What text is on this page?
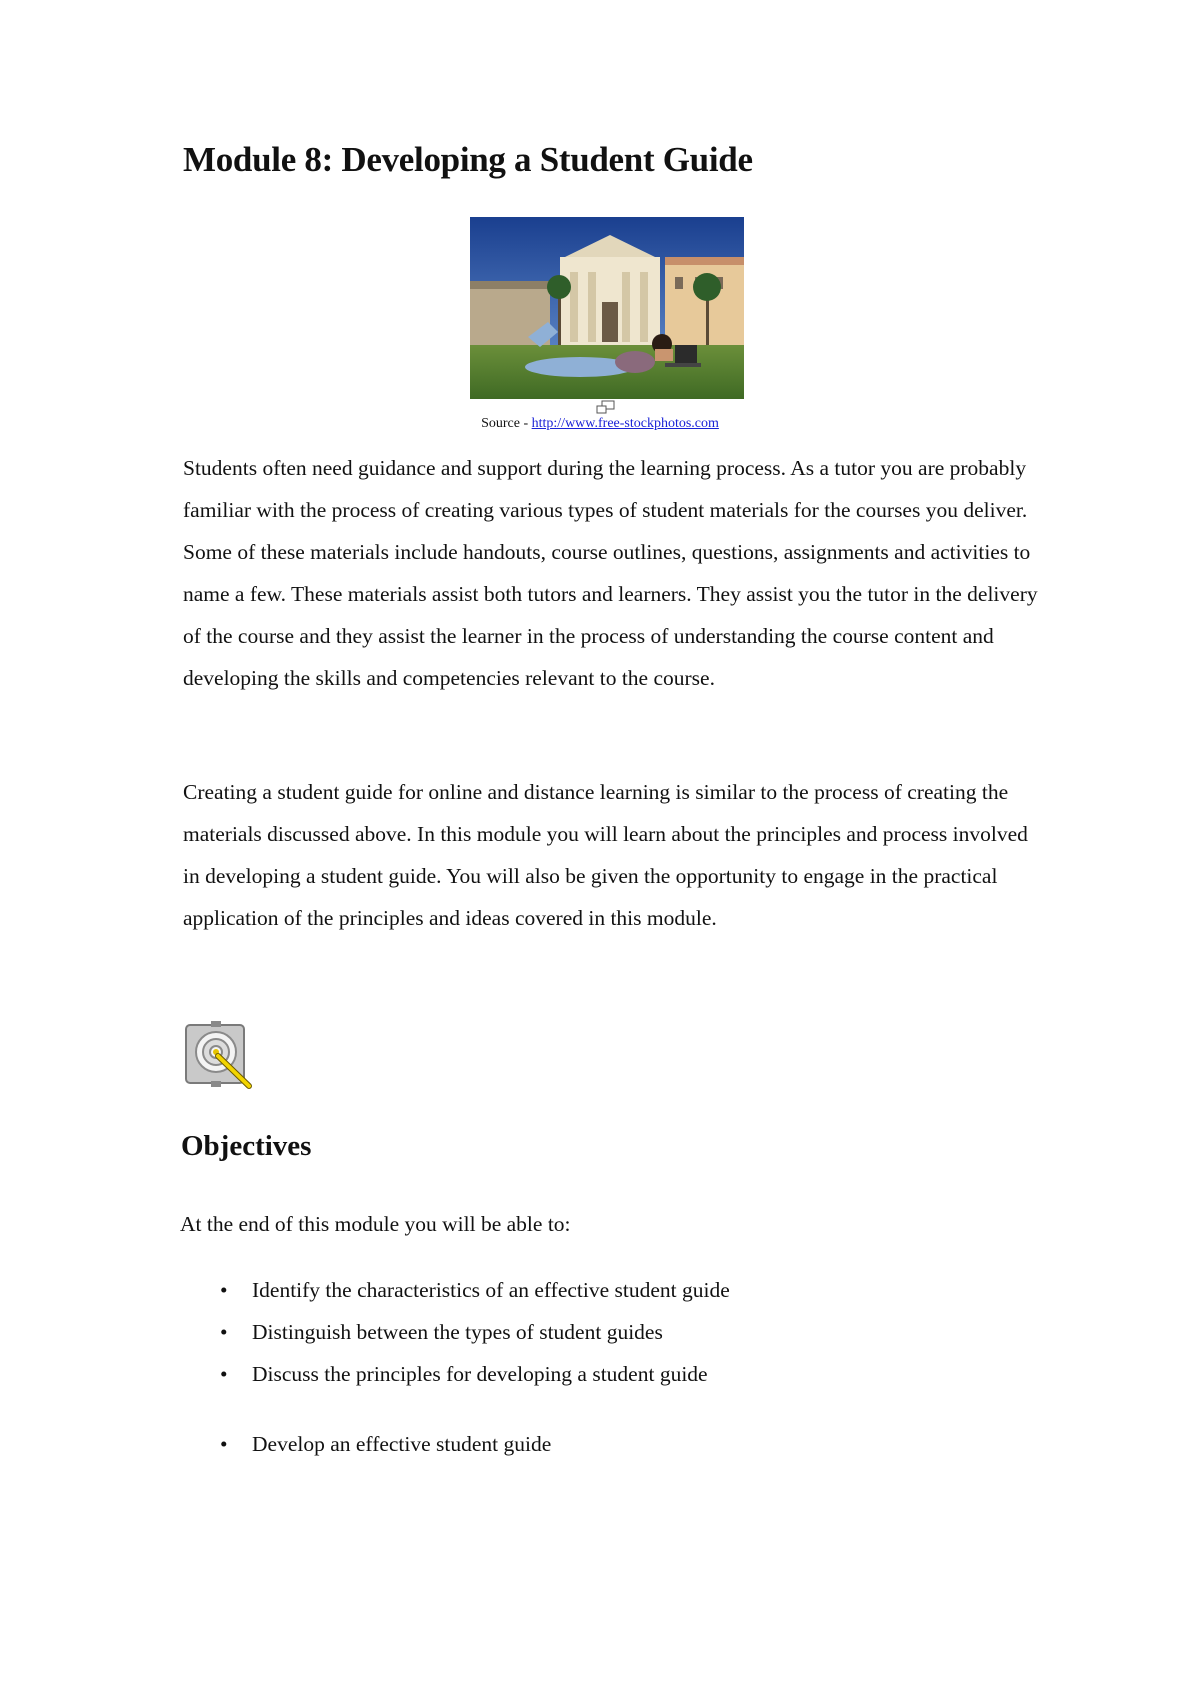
Module 8: Developing a Student Guide
Source - http://www.free-stockphotos.com

Students often need guidance and support during the learning process. As a tutor you are probably familiar with the process of creating various types of student materials for the courses you deliver. Some of these materials include handouts, course outlines, questions, assignments and activities to name a few. These materials assist both tutors and learners. They assist you the tutor in the delivery of the course and they assist the learner in the process of understanding the course content and developing the skills and competencies relevant to the course.

Creating a student guide for online and distance learning is similar to the process of creating the materials discussed above. In this module you will learn about the principles and process involved in developing a student guide. You will also be given the opportunity to engage in the practical application of the principles and ideas covered in this module.

Objectives

At the end of this module you will be able to:

• Identify the characteristics of an effective student guide
• Distinguish between the types of student guides
• Discuss the principles for developing a student guide
• Develop an effective student guide
